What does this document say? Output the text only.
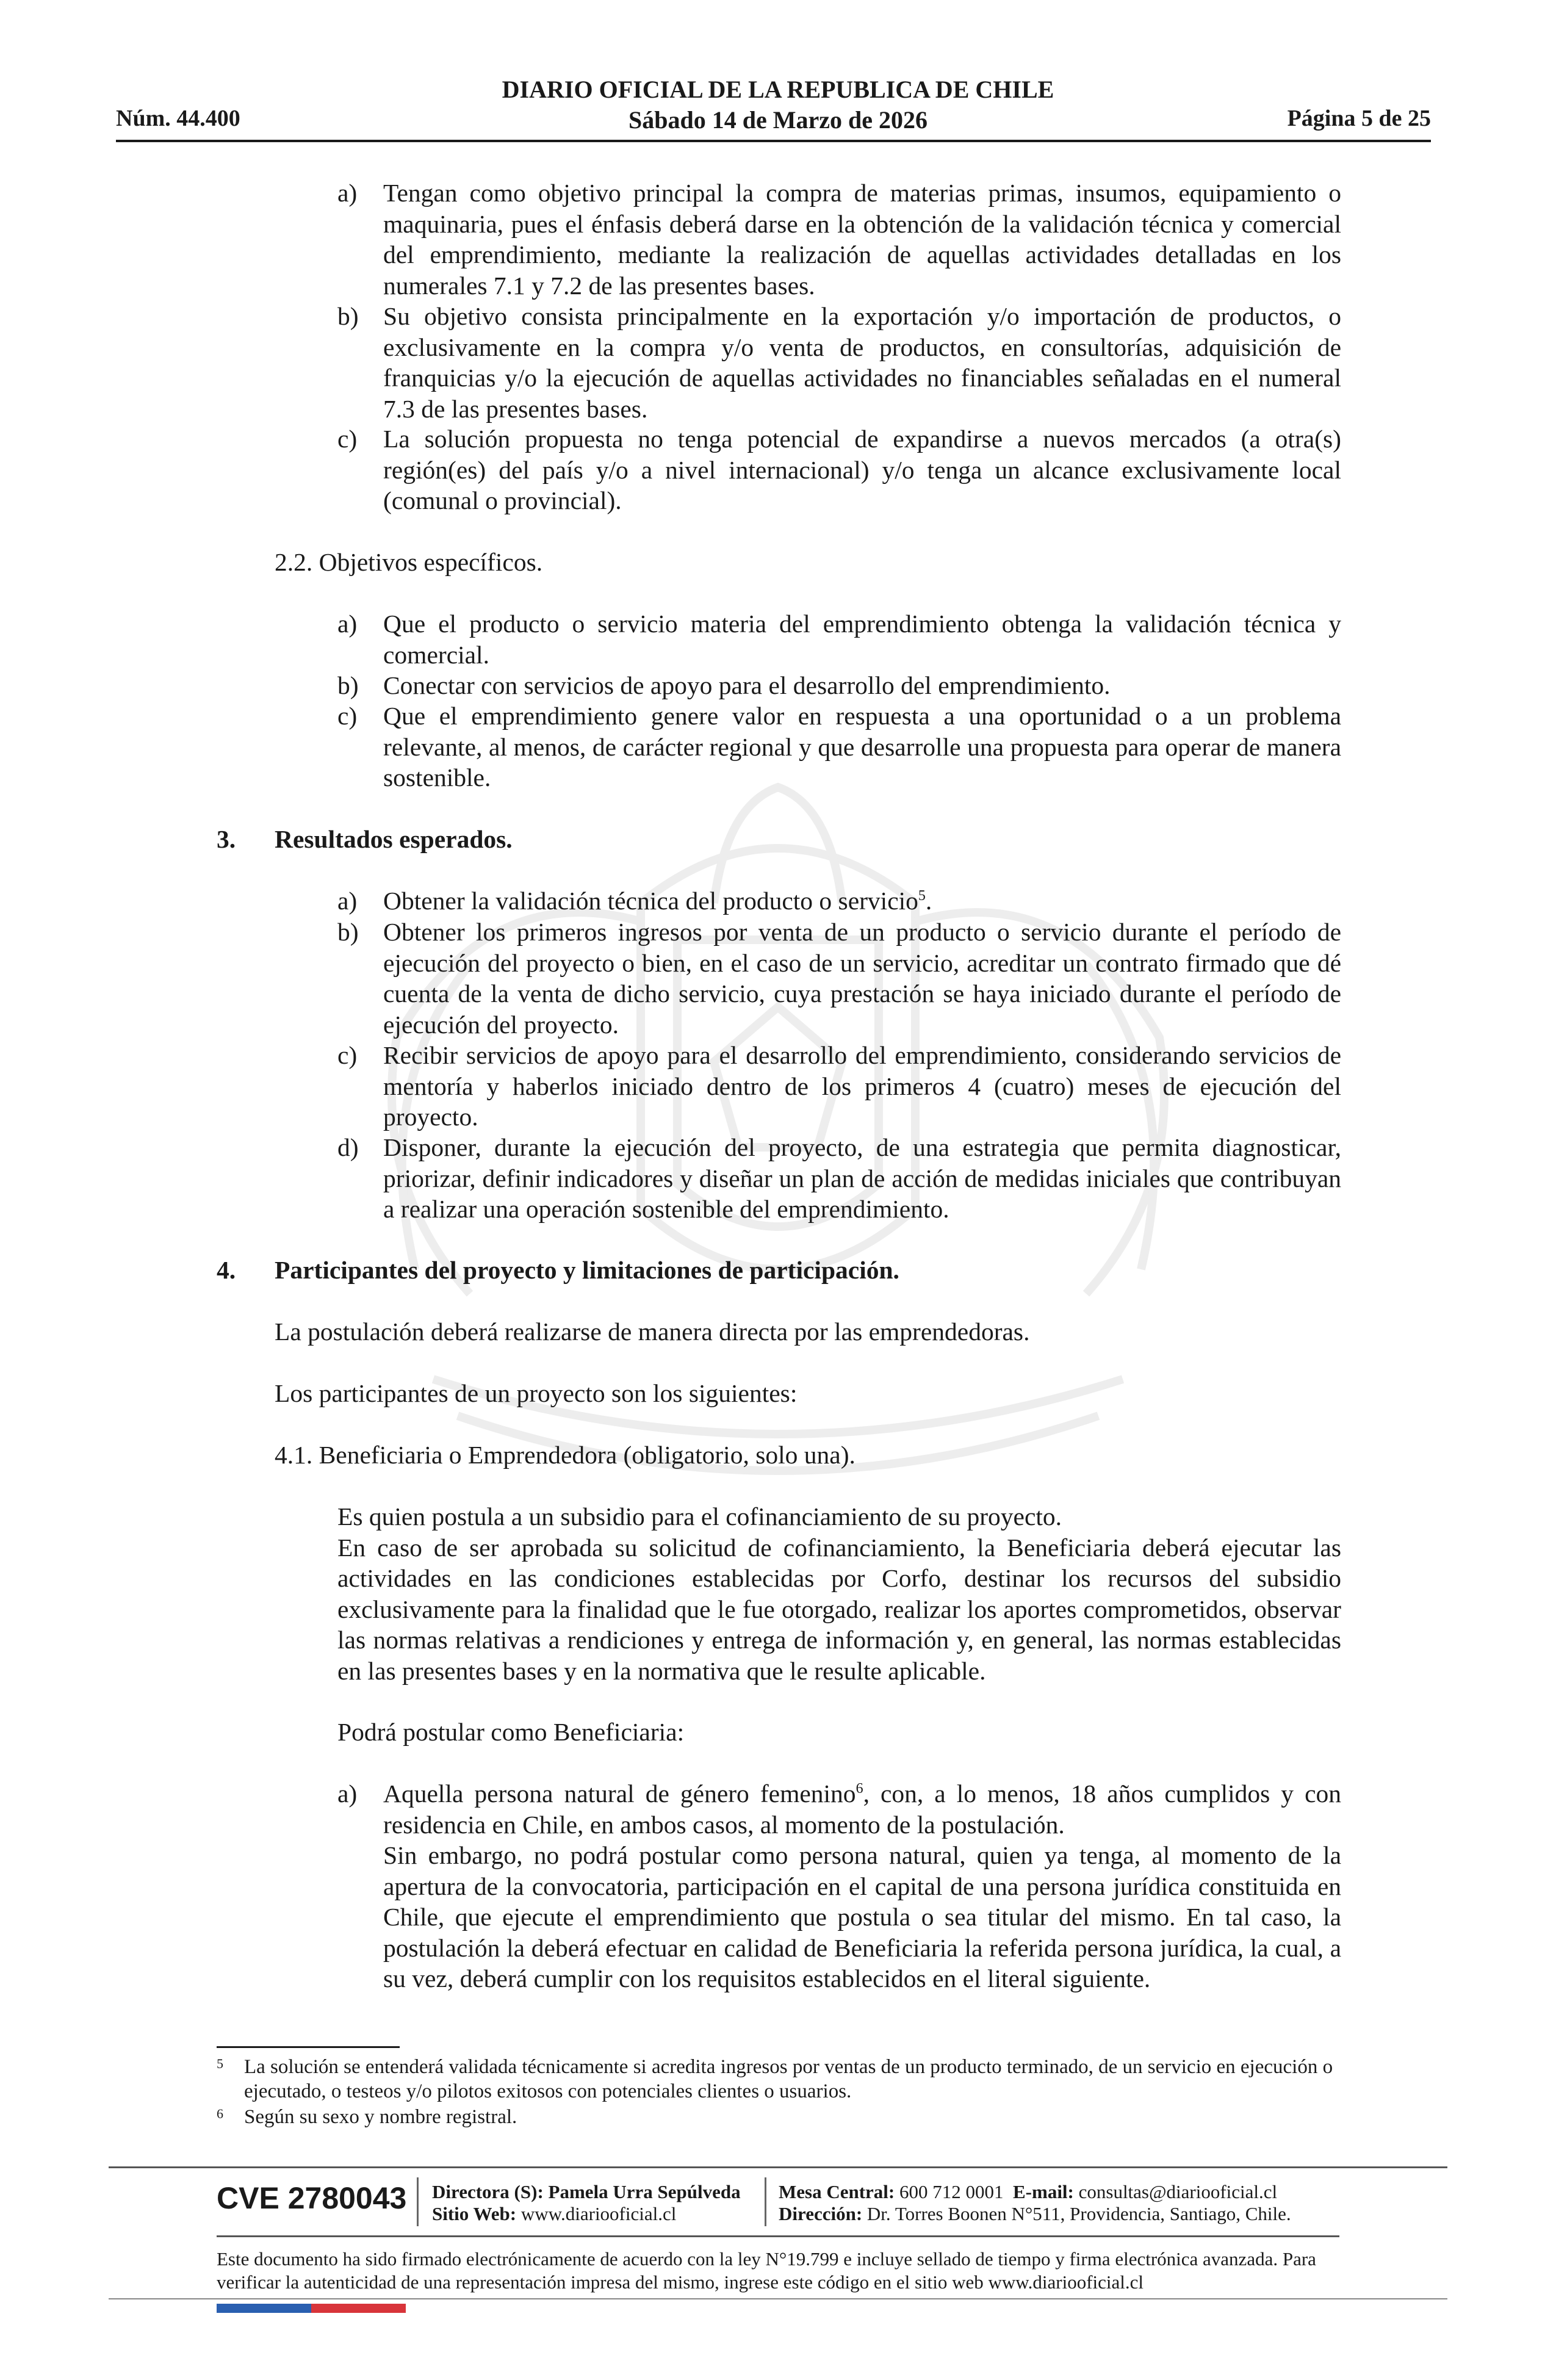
Núm. 44.400
DIARIO OFICIAL DE LA REPUBLICA DE CHILE
Sábado 14 de Marzo de 2026	Página 5 de 25
a)	Tengan como objetivo principal la compra de materias primas, insumos, equipamiento o maquinaria, pues el énfasis deberá darse en la obtención de la validación técnica y comercial del emprendimiento, mediante la realización de aquellas actividades detalladas en los numerales 7.1 y 7.2 de las presentes bases.
b) Su objetivo consista principalmente en la exportación y/o importación de productos, o exclusivamente en la compra y/o venta de productos, en consultorías, adquisición de franquicias y/o la ejecución de aquellas actividades no financiables señaladas en el numeral 7.3 de las presentes bases.
c)	La solución propuesta no tenga potencial de expandirse a nuevos mercados (a otra(s) región(es) del país y/o a nivel internacional) y/o tenga un alcance exclusivamente local (comunal o provincial).
2.2. Objetivos específicos.
a)	Que el producto o servicio materia del emprendimiento obtenga la validación técnica y comercial.
b) Conectar con servicios de apoyo para el desarrollo del emprendimiento.
c)	Que el emprendimiento genere valor en respuesta a una oportunidad o a un problema relevante, al menos, de carácter regional y que desarrolle una propuesta para operar de manera sostenible.
3. Resultados esperados.
a)	Obtener la validación técnica del producto o servicio$^5$.
b) Obtener los primeros ingresos por venta de un producto o servicio durante el período de ejecución del proyecto o bien, en el caso de un servicio, acreditar un contrato firmado que dé cuenta de la venta de dicho servicio, cuya prestación se haya iniciado durante el período de ejecución del proyecto.
c)	Recibir servicios de apoyo para el desarrollo del emprendimiento, considerando servicios de mentoría y haberlos iniciado dentro de los primeros 4 (cuatro) meses de ejecución del proyecto.
d) Disponer, durante la ejecución del proyecto, de una estrategia que permita diagnosticar, priorizar, definir indicadores y diseñar un plan de acción de medidas iniciales que contribuyan a realizar una operación sostenible del emprendimiento.
4. Participantes del proyecto y limitaciones de participación.
La postulación deberá realizarse de manera directa por las emprendedoras.
Los participantes de un proyecto son los siguientes:
4.1. Beneficiaria o Emprendedora (obligatorio, solo una).
Es quien postula a un subsidio para el cofinanciamiento de su proyecto.
En caso de ser aprobada su solicitud de cofinanciamiento, la Beneficiaria deberá ejecutar las actividades en las condiciones establecidas por Corfo, destinar los recursos del subsidio exclusivamente para la finalidad que le fue otorgado, realizar los aportes comprometidos, observar las normas relativas a rendiciones y entrega de información y, en general, las normas establecidas en las presentes bases y en la normativa que le resulte aplicable.
Podrá postular como Beneficiaria:
a)	Aquella persona natural de género femenino$^6$, con, a lo menos, 18 años cumplidos y con residencia en Chile, en ambos casos, al momento de la postulación.
Sin embargo, no podrá postular como persona natural, quien ya tenga, al momento de la apertura de la convocatoria, participación en el capital de una persona jurídica constituida en Chile, que ejecute el emprendimiento que postula o sea titular del mismo. En tal caso, la postulación la deberá efectuar en calidad de Beneficiaria la referida persona jurídica, la cual, a su vez, deberá cumplir con los requisitos establecidos en el literal siguiente.
5	La solución se entenderá validada técnicamente si acredita ingresos por ventas de un producto terminado, de un servicio en ejecución o ejecutado, o testeos y/o pilotos exitosos con potenciales clientes o usuarios.
6	Según su sexo y nombre registral.
CVE 2780043 Directora (S): Pamela Urra Sepúlveda
Sitio Web: www.diariooficial.cl
Mesa Central: 600 712 0001 E-mail: consultas@diariooficial.cl
Dirección: Dr. Torres Boonen N°511, Providencia, Santiago, Chile.
Este documento ha sido firmado electrónicamente de acuerdo con la ley N°19.799 e incluye sellado de tiempo y firma electrónica avanzada. Para verificar la autenticidad de una representación impresa del mismo, ingrese este código en el sitio web www.diariooficial.cl
